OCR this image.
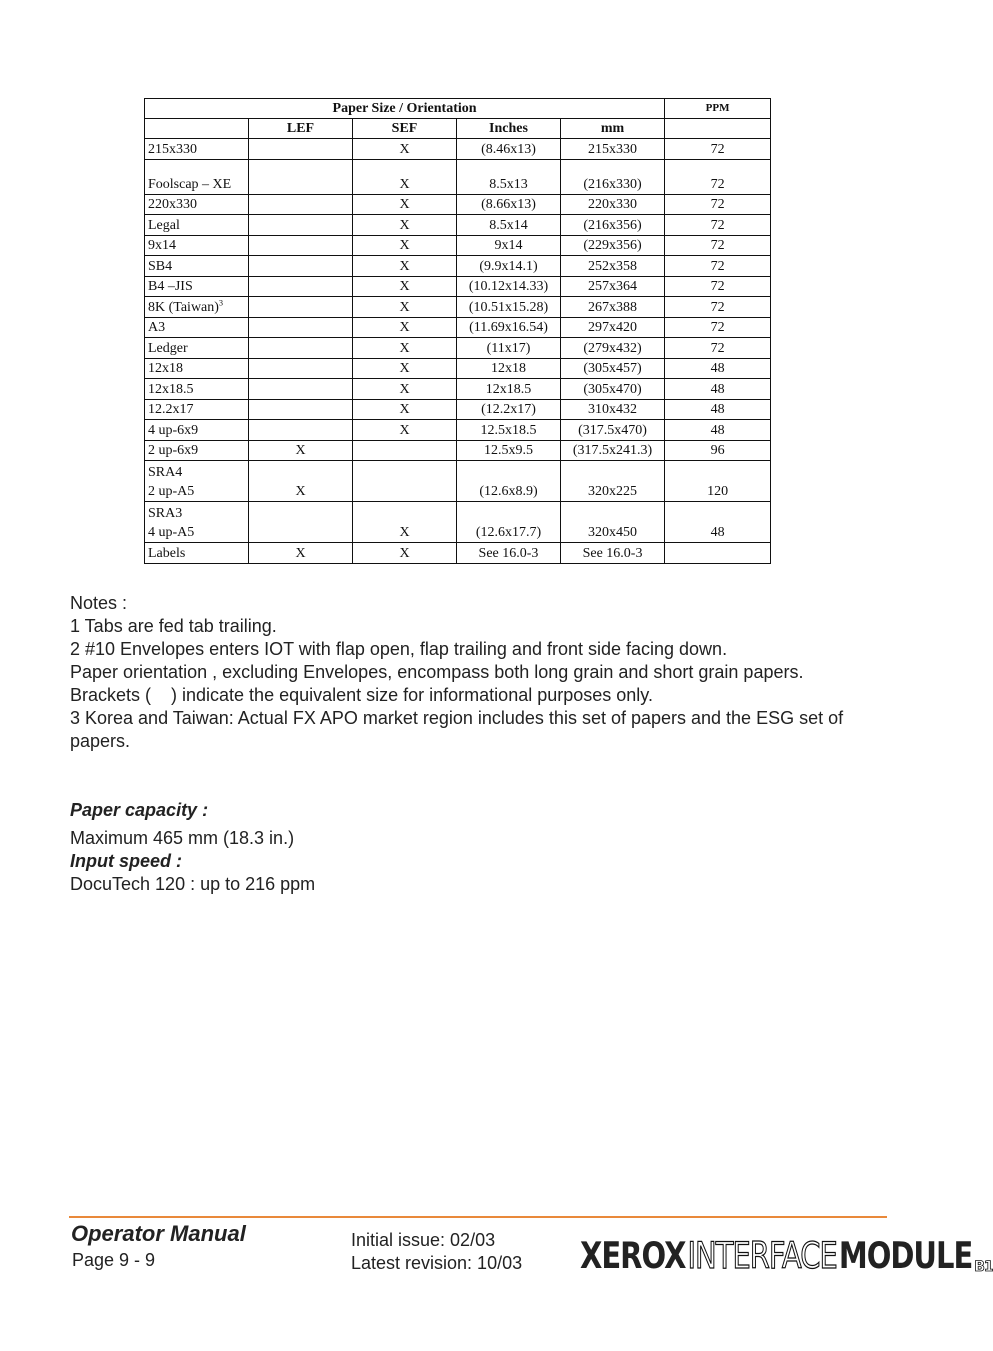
Paper Size / Orientation					PPM
	LEF	SEF	Inches	mm	
215x330		X	(8.46x13)	215x330	72
Foolscap – XE		X	8.5x13	(216x330)	72
220x330		X	(8.66x13)	220x330	72
Legal		X	8.5x14	(216x356)	72
9x14		X	9x14	(229x356)	72
SB4		X	(9.9x14.1)	252x358	72
B4 –JIS		X	(10.12x14.33)	257x364	72
8K (Taiwan)$^3$		X	(10.51x15.28)	267x388	72
A3		X	(11.69x16.54)	297x420	72
Ledger		X	(11x17)	(279x432)	72
12x18		X	12x18	(305x457)	48
12x18.5		X	12x18.5	(305x470)	48
12.2x17		X	(12.2x17)	310x432	48
4 up-6x9		X	12.5x18.5	(317.5x470)	48
2 up-6x9	X		12.5x9.5	(317.5x241.3)	96

SRA4
2 up-A5	X		(12.6x8.9)	320x225	120

SRA3
4 up-A5		X	(12.6x17.7)	320x450	48
Labels	X	X	See 16.0-3	See 16.0-3	

Notes :

1 Tabs are fed tab trailing.

2 #10 Envelopes enters IOT with flap open, flap trailing and front side facing down.

Paper orientation , excluding Envelopes, encompass both long grain and short grain papers.

Brackets (    ) indicate the equivalent size for informational purposes only.

3 Korea and Taiwan: Actual FX APO market region includes this set of papers and the ESG set of papers.

Paper capacity :
Maximum 465 mm (18.3 in.)
Input speed :
DocuTech 120 : up to 216 ppm
Operator Manual
Page 9 - 9
Initial issue: 02/03
Latest revision: 10/03 XEROX INTERFACE MODULE B1
